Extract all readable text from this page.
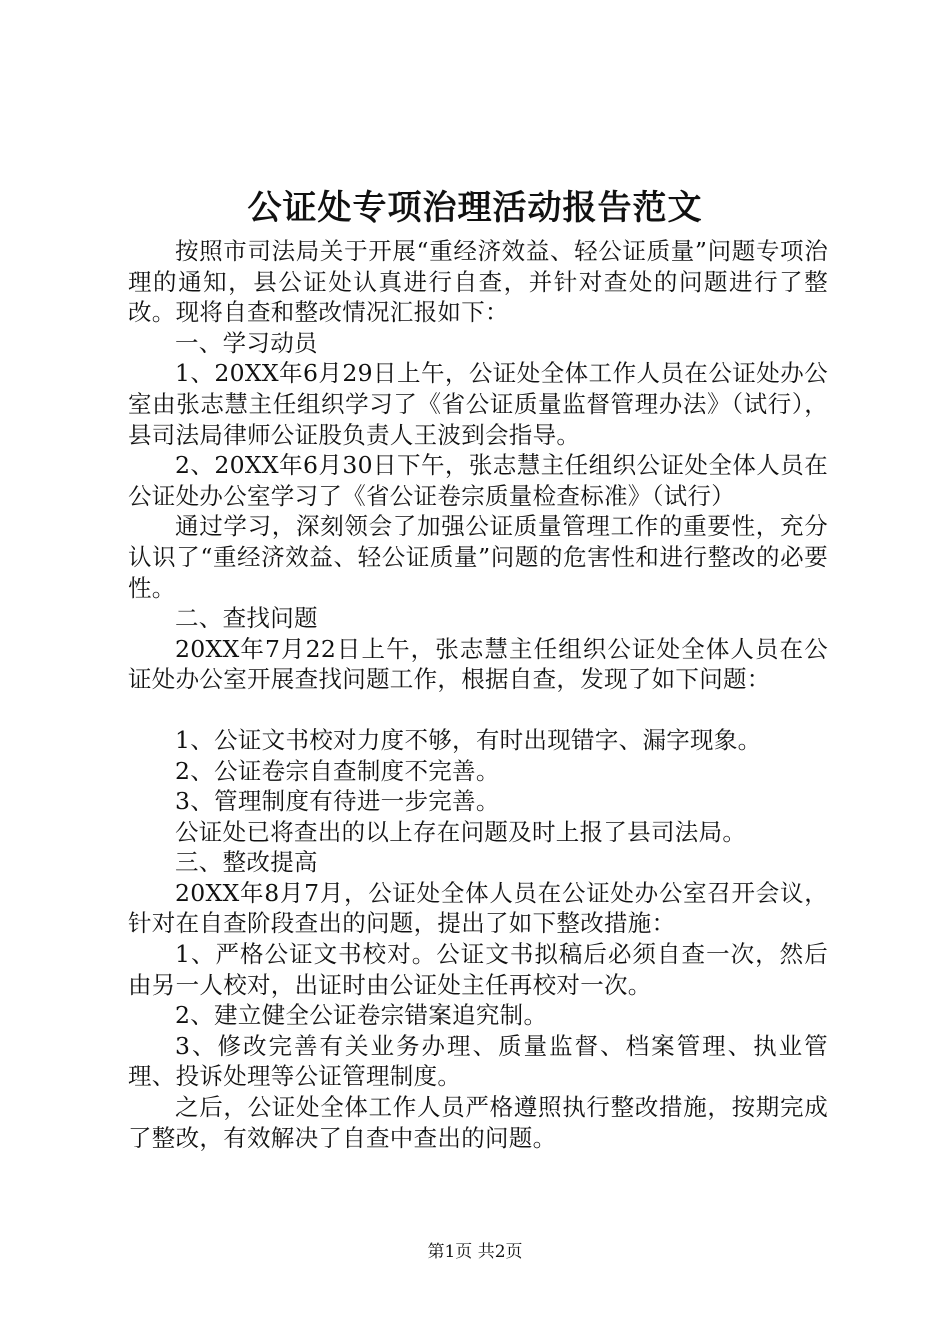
公证处专项治理活动报告范文

按照市司法局关于开展“重经济效益、轻公证质量”问题专项治理的通知，县公证处认真进行自查，并针对查处的问题进行了整改。现将自查和整改情况汇报如下：

一、学习动员

1、20XX年6月29日上午，公证处全体工作人员在公证处办公室由张志慧主任组织学习了《省公证质量监督管理办法》（试行），县司法局律师公证股负责人王波到会指导。

2、20XX年6月30日下午，张志慧主任组织公证处全体人员在公证处办公室学习了《省公证卷宗质量检查标准》（试行）

通过学习，深刻领会了加强公证质量管理工作的重要性，充分认识了“重经济效益、轻公证质量”问题的危害性和进行整改的必要性。

二、查找问题

20XX年7月22日上午，张志慧主任组织公证处全体人员在公证处办公室开展查找问题工作，根据自查，发现了如下问题：

1、公证文书校对力度不够，有时出现错字、漏字现象。

2、公证卷宗自查制度不完善。

3、管理制度有待进一步完善。

公证处已将查出的以上存在问题及时上报了县司法局。

三、整改提高

20XX年8月7月，公证处全体人员在公证处办公室召开会议，针对在自查阶段查出的问题，提出了如下整改措施：

1、严格公证文书校对。公证文书拟稿后必须自查一次，然后由另一人校对，出证时由公证处主任再校对一次。

2、建立健全公证卷宗错案追究制。

3、修改完善有关业务办理、质量监督、档案管理、执业管理、投诉处理等公证管理制度。

之后，公证处全体工作人员严格遵照执行整改措施，按期完成了整改，有效解决了自查中查出的问题。

第1页 共2页
